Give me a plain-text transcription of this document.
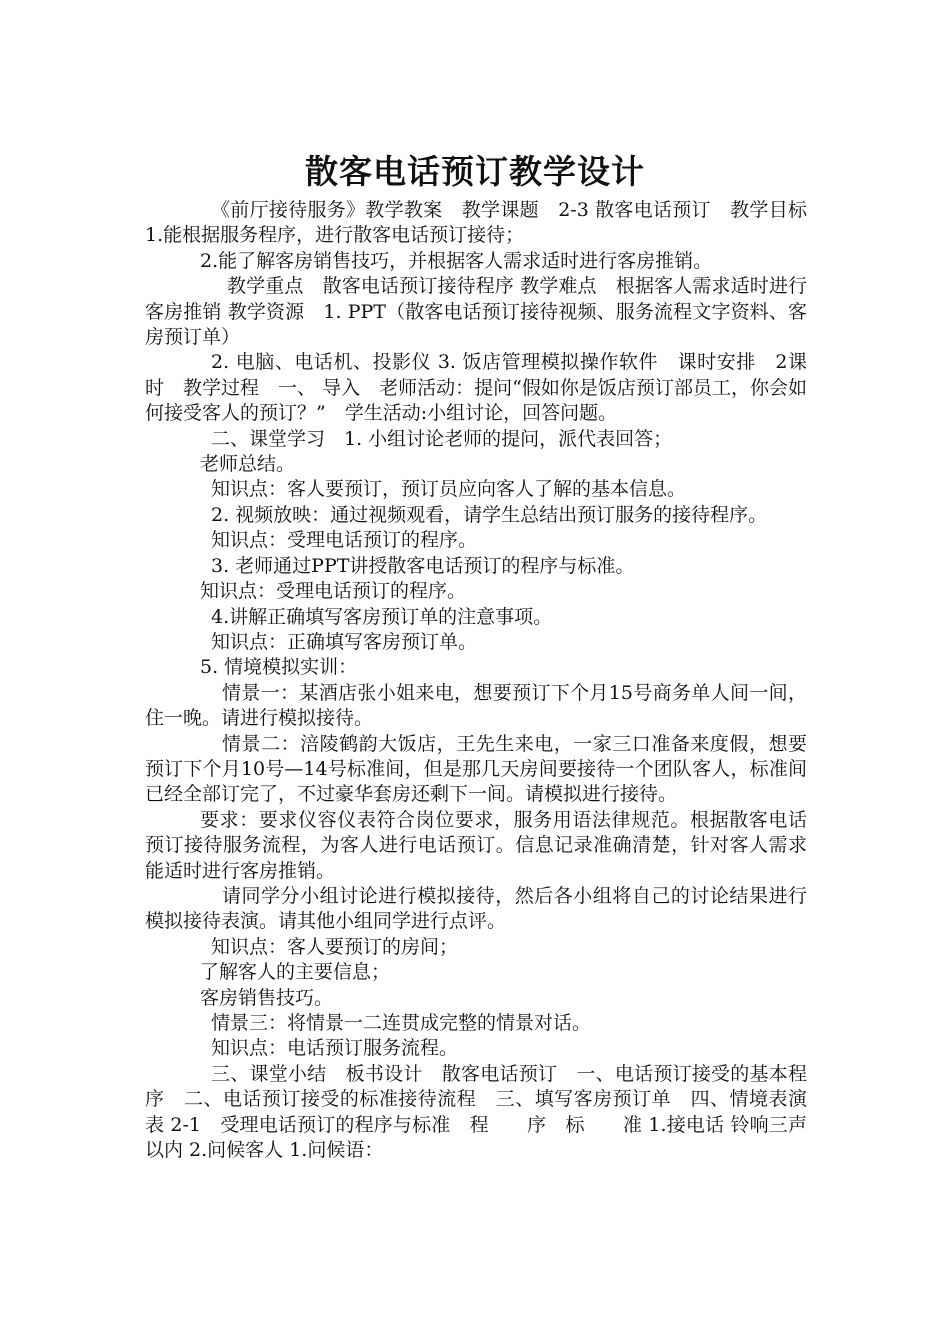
散客电话预订教学设计

《前厅接待服务》教学教案　教学课题　2-3 散客电话预订　教学目标　1.能根据服务程序，进行散客电话预订接待；

2.能了解客房销售技巧，并根据客人需求适时进行客房推销。

教学重点　散客电话预订接待程序 教学难点　根据客人需求适时进行客房推销 教学资源　1. PPT（散客电话预订接待视频、服务流程文字资料、客房预订单）

2. 电脑、电话机、投影仪 3. 饭店管理模拟操作软件　课时安排　2课时　教学过程　一、 导入　老师活动：提问“假如你是饭店预订部员工，你会如何接受客人的预订？”　学生活动:小组讨论，回答问题。

二、课堂学习　1. 小组讨论老师的提问，派代表回答；

老师总结。

知识点：客人要预订，预订员应向客人了解的基本信息。

2. 视频放映：通过视频观看，请学生总结出预订服务的接待程序。

知识点：受理电话预订的程序。

3. 老师通过PPT讲授散客电话预订的程序与标准。

知识点：受理电话预订的程序。

4.讲解正确填写客房预订单的注意事项。

知识点：正确填写客房预订单。

5. 情境模拟实训：

情景一：某酒店张小姐来电，想要预订下个月15号商务单人间一间，住一晚。请进行模拟接待。

情景二：涪陵鹤韵大饭店，王先生来电，一家三口准备来度假，想要预订下个月10号—14号标准间，但是那几天房间要接待一个团队客人，标准间已经全部订完了，不过豪华套房还剩下一间。请模拟进行接待。

要求：要求仪容仪表符合岗位要求，服务用语法律规范。根据散客电话预订接待服务流程，为客人进行电话预订。信息记录准确清楚，针对客人需求能适时进行客房推销。

请同学分小组讨论进行模拟接待，然后各小组将自己的讨论结果进行模拟接待表演。请其他小组同学进行点评。

知识点：客人要预订的房间；

了解客人的主要信息；

客房销售技巧。

情景三：将情景一二连贯成完整的情景对话。

知识点：电话预订服务流程。

三、课堂小结　板书设计　散客电话预订　一、电话预订接受的基本程序　二、电话预订接受的标准接待流程　三、填写客房预订单　四、情境表演　　表 2-1　受理电话预订的程序与标准　程　　序　标　　准 1.接电话 铃响三声以内 2.问候客人 1.问候语：
